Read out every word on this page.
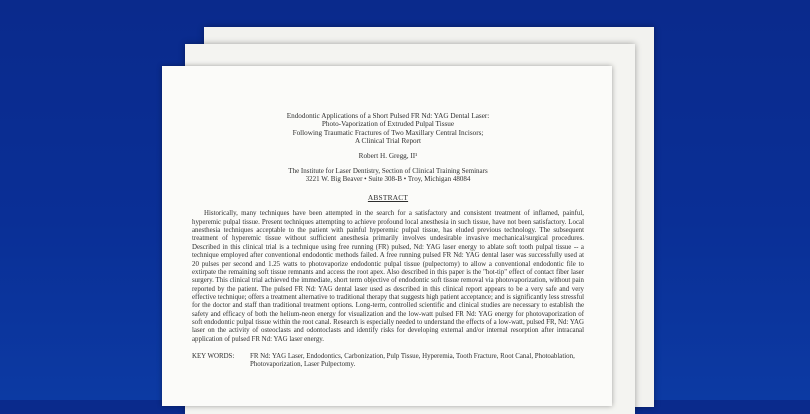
Endodontic Applications of a Short Pulsed FR Nd: YAG Dental Laser:
Photo-Vaporization of Extruded Pulpal Tissue
Following Traumatic Fractures of Two Maxillary Central Incisors;
A Clinical Trial Report
Robert H. Gregg, II¹
The Institute for Laser Dentistry, Section of Clinical Training Seminars
3221 W. Big Beaver • Suite 308-B • Troy, Michigan 48084
ABSTRACT
Historically, many techniques have been attempted in the search for a satisfactory and consistent treatment of inflamed, painful, hyperemic pulpal tissue. Present techniques attempting to achieve profound local anesthesia in such tissue, have not been satisfactory. Local anesthesia techniques acceptable to the patient with painful hyperemic pulpal tissue, has eluded previous technology. The subsequent treatment of hyperemic tissue without sufficient anesthesia primarily involves undesirable invasive mechanical/surgical procedures. Described in this clinical trial is a technique using free running (FR) pulsed, Nd: YAG laser energy to ablate soft tooth pulpal tissue -- a technique employed after conventional endodontic methods failed. A free running pulsed FR Nd: YAG dental laser was successfully used at 20 pulses per second and 1.25 watts to photovaporize endodontic pulpal tissue (pulpectomy) to allow a conventional endodontic file to extirpate the remaining soft tissue remnants and access the root apex. Also described in this paper is the "hot-tip" effect of contact fiber laser surgery. This clinical trial achieved the immediate, short term objective of endodontic soft tissue removal via photovaporization, without pain reported by the patient. The pulsed FR Nd: YAG dental laser used as described in this clinical report appears to be a very safe and very effective technique; offers a treatment alternative to traditional therapy that suggests high patient acceptance; and is significantly less stressful for the doctor and staff than traditional treatment options. Long-term, controlled scientific and clinical studies are necessary to establish the safety and efficacy of both the helium-neon energy for visualization and the low-watt pulsed FR Nd: YAG energy for photovaporization of soft endodontic pulpal tissue within the root canal. Research is especially needed to understand the effects of a low-watt, pulsed FR, Nd: YAG laser on the activity of osteoclasts and odontoclasts and identify risks for developing external and/or internal resorption after intracanal application of pulsed FR Nd: YAG laser energy.
KEY WORDS:	FR Nd: YAG Laser, Endodontics, Carbonization, Pulp Tissue, Hyperemia, Tooth Fracture, Root Canal, Photoablation, Photovaporization, Laser Pulpectomy.
